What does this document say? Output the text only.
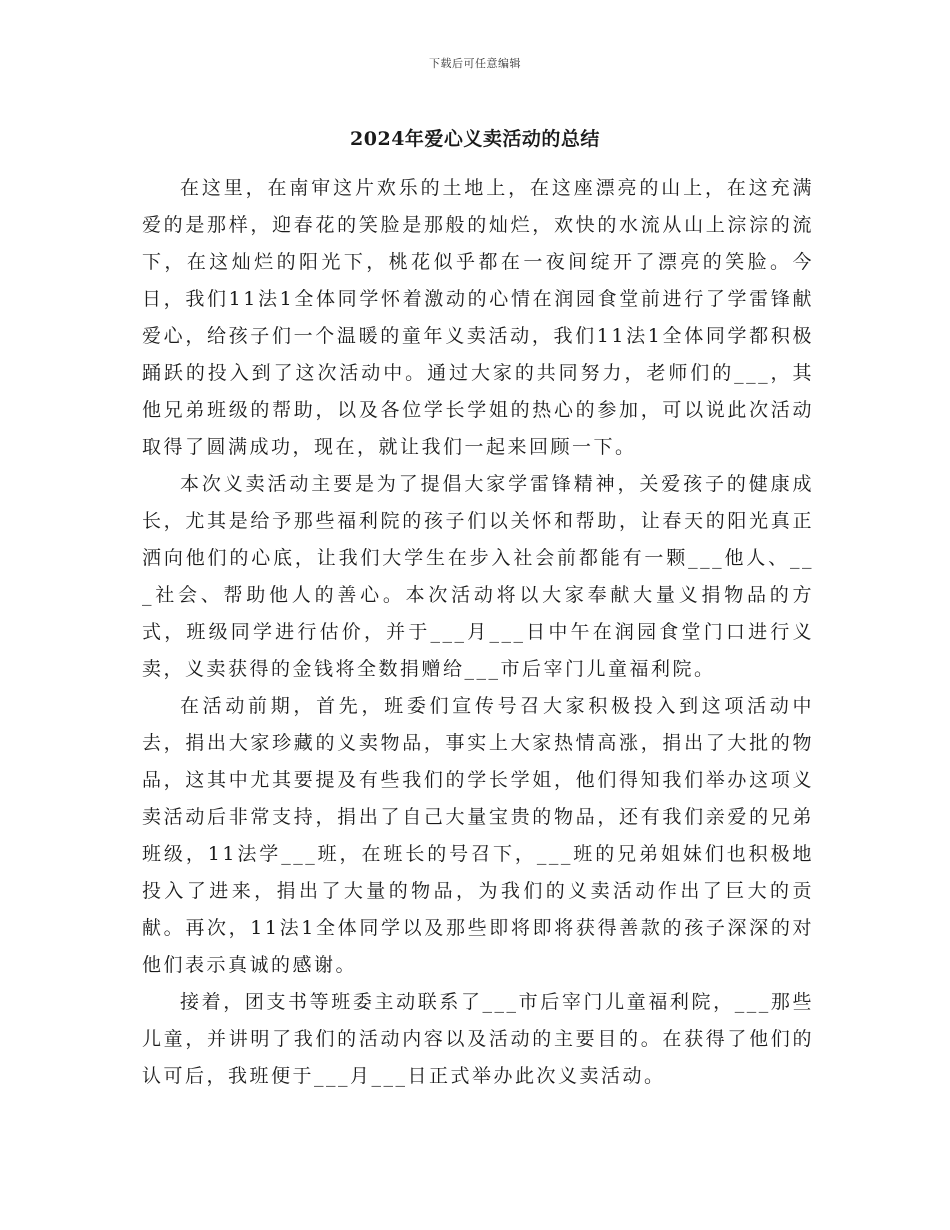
下载后可任意编辑
2024年爱心义卖活动的总结

在这里，在南审这片欢乐的土地上，在这座漂亮的山上，在这充满爱的是那样，迎春花的笑脸是那般的灿烂，欢快的水流从山上淙淙的流下，在这灿烂的阳光下，桃花似乎都在一夜间绽开了漂亮的笑脸。今日，我们11法1全体同学怀着激动的心情在润园食堂前进行了学雷锋献爱心，给孩子们一个温暖的童年义卖活动，我们11法1全体同学都积极踊跃的投入到了这次活动中。通过大家的共同努力，老师们的___，其他兄弟班级的帮助，以及各位学长学姐的热心的参加，可以说此次活动取得了圆满成功，现在，就让我们一起来回顾一下。

本次义卖活动主要是为了提倡大家学雷锋精神，关爱孩子的健康成长，尤其是给予那些福利院的孩子们以关怀和帮助，让春天的阳光真正洒向他们的心底，让我们大学生在步入社会前都能有一颗___他人、___社会、帮助他人的善心。本次活动将以大家奉献大量义捐物品的方式，班级同学进行估价，并于___月___日中午在润园食堂门口进行义卖，义卖获得的金钱将全数捐赠给___市后宰门儿童福利院。

在活动前期，首先，班委们宣传号召大家积极投入到这项活动中去，捐出大家珍藏的义卖物品，事实上大家热情高涨，捐出了大批的物品，这其中尤其要提及有些我们的学长学姐，他们得知我们举办这项义卖活动后非常支持，捐出了自己大量宝贵的物品，还有我们亲爱的兄弟班级，11法学___班，在班长的号召下，___班的兄弟姐妹们也积极地投入了进来，捐出了大量的物品，为我们的义卖活动作出了巨大的贡献。再次，11法1全体同学以及那些即将即将获得善款的孩子深深的对他们表示真诚的感谢。

接着，团支书等班委主动联系了___市后宰门儿童福利院，___那些儿童，并讲明了我们的活动内容以及活动的主要目的。在获得了他们的认可后，我班便于___月___日正式举办此次义卖活动。
